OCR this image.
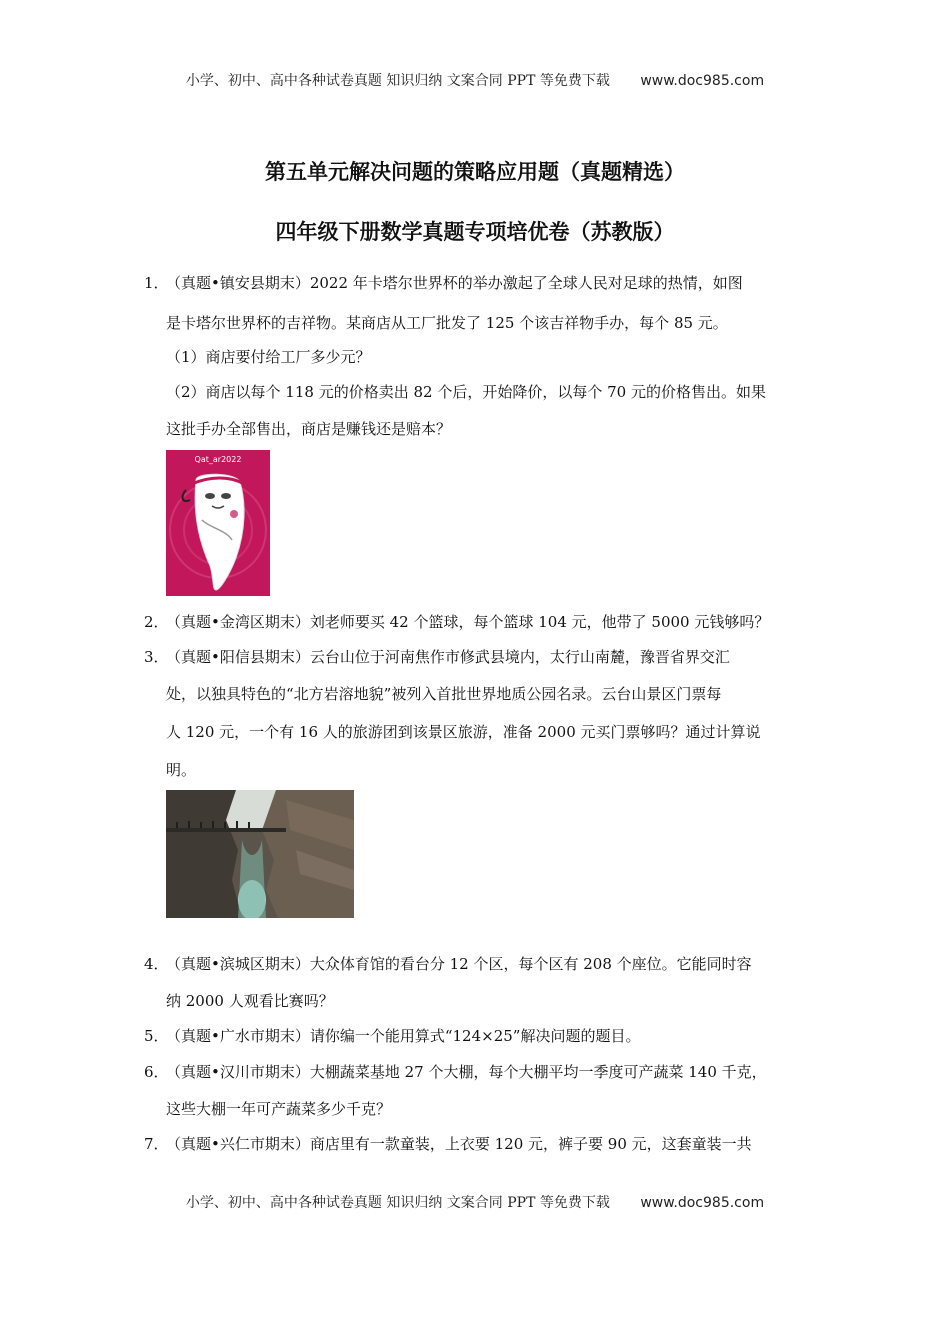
小学、初中、高中各种试卷真题 知识归纳 文案合同 PPT 等免费下载 www.doc985.com
第五单元解决问题的策略应用题（真题精选）
四年级下册数学真题专项培优卷（苏教版）
1．（真题•镇安县期末）2022 年卡塔尔世界杯的举办激起了全球人民对足球的热情，如图
是卡塔尔世界杯的吉祥物。某商店从工厂批发了 125 个该吉祥物手办，每个 85 元。
（1）商店要付给工厂多少元？
（2）商店以每个 118 元的价格卖出 82 个后，开始降价，以每个 70 元的价格售出。如果
这批手办全部售出，商店是赚钱还是赔本？
Qat_ar2022
2．（真题•金湾区期末）刘老师要买 42 个篮球，每个篮球 104 元，他带了 5000 元钱够吗？
3．（真题•阳信县期末）云台山位于河南焦作市修武县境内，太行山南麓，豫晋省界交汇
处，以独具特色的“北方岩溶地貌”被列入首批世界地质公园名录。云台山景区门票每
人 120 元，一个有 16 人的旅游团到该景区旅游，准备 2000 元买门票够吗？通过计算说
明。
4．（真题•滨城区期末）大众体育馆的看台分 12 个区，每个区有 208 个座位。它能同时容
纳 2000 人观看比赛吗？
5．（真题•广水市期末）请你编一个能用算式“124×25”解决问题的题目。
6．（真题•汉川市期末）大棚蔬菜基地 27 个大棚，每个大棚平均一季度可产蔬菜 140 千克，
这些大棚一年可产蔬菜多少千克？
7．（真题•兴仁市期末）商店里有一款童装，上衣要 120 元，裤子要 90 元，这套童装一共
小学、初中、高中各种试卷真题 知识归纳 文案合同 PPT 等免费下载 www.doc985.com
